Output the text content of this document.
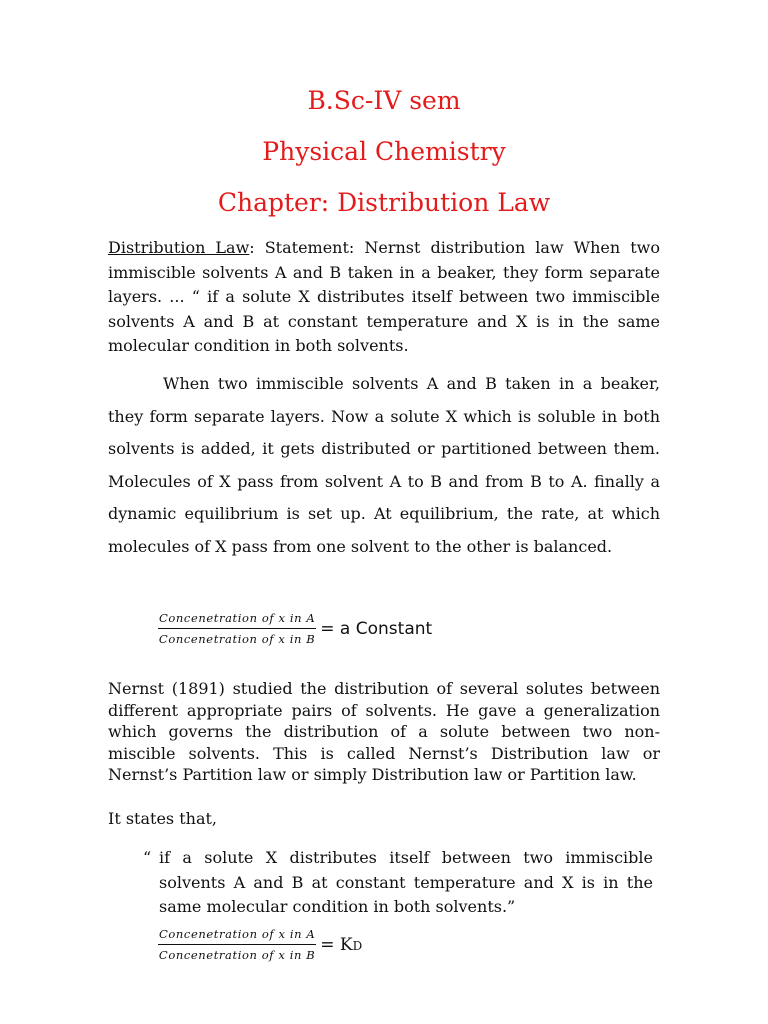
B.Sc-IV sem
Physical Chemistry
Chapter: Distribution Law
Distribution Law: Statement: Nernst distribution law When two immiscible solvents A and B taken in a beaker, they form separate layers. ... “ if a solute X distributes itself between two immiscible solvents A and B at constant temperature and X is in the same molecular condition in both solvents.
When two immiscible solvents A and B taken in a beaker, they form separate layers. Now a solute X which is soluble in both solvents is added, it gets distributed or partitioned between them. Molecules of X pass from solvent A to B and from B to A. finally a dynamic equilibrium is set up. At equilibrium, the rate, at which molecules of X pass from one solvent to the other is balanced.
$\frac{\text{Concenetration of x in A}}{\text{Concenetration of x in B}} = a$ Constant
Nernst (1891) studied the distribution of several solutes between different appropriate pairs of solvents. He gave a generalization which governs the distribution of a solute between two non-miscible solvents. This is called Nernst’s Distribution law or Nernst’s Partition law or simply Distribution law or Partition law.
It states that,
“ if a solute X distributes itself between two immiscible solvents A and B at constant temperature and X is in the same molecular condition in both solvents.”
$\frac{\text{Concenetration of x in A}}{\text{Concenetration of x in B}}$ = KD
